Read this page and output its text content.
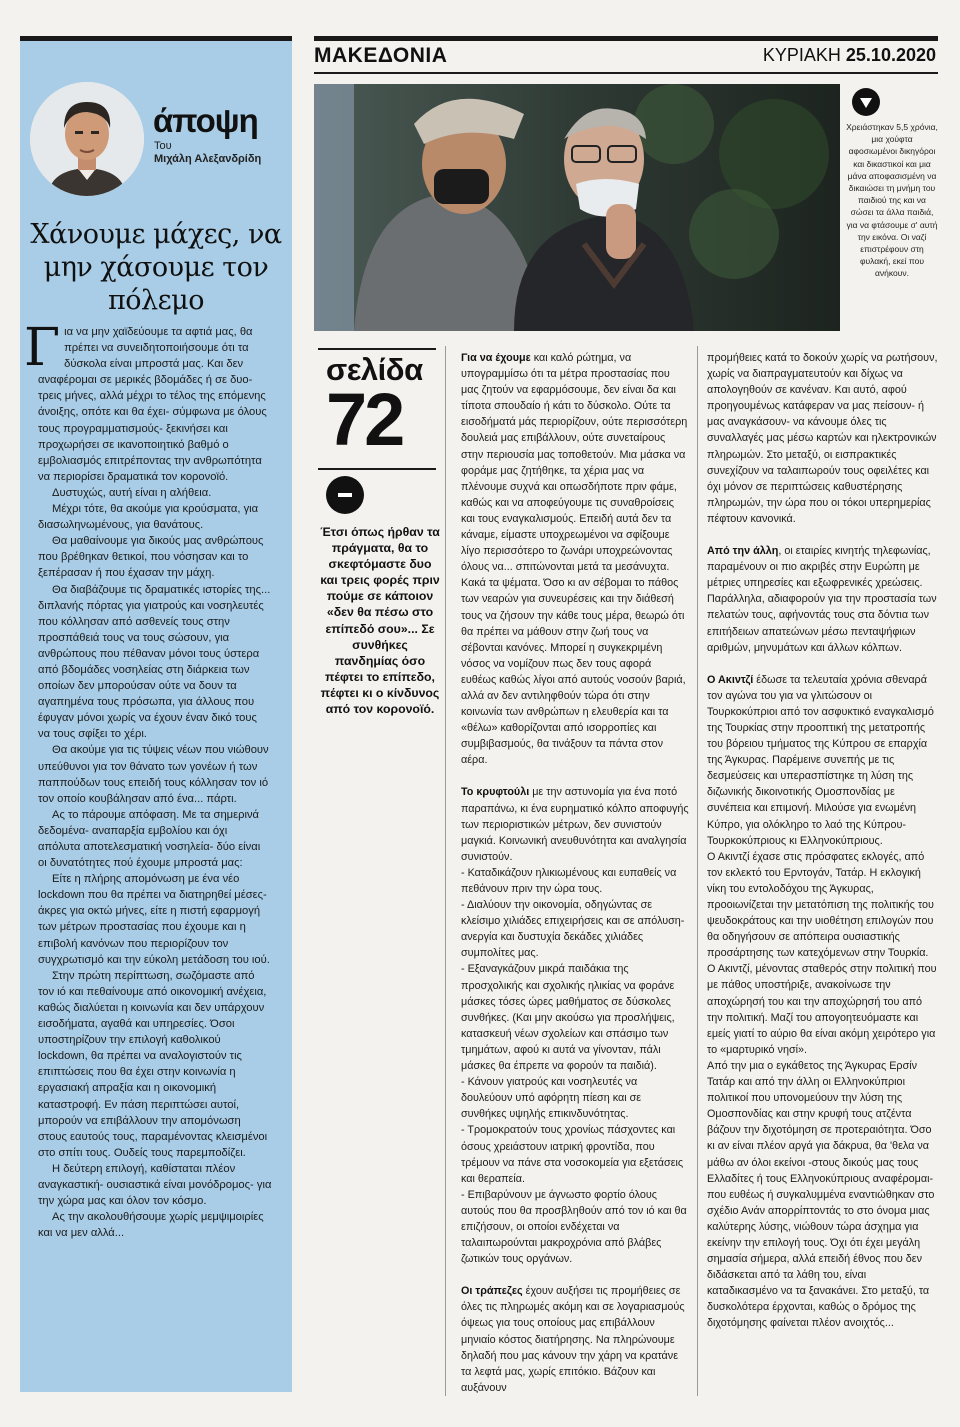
άποψη
Του
Μιχάλη Αλεξανδρίδη
Χάνουμε μάχες, να μην χάσουμε τον πόλεμο

Για να μην χαϊδεύουμε τα αφτιά μας, θα πρέπει να συνειδητοποιήσουμε ότι τα δύσκολα είναι μπροστά μας. Και δεν αναφέρομαι σε μερικές βδομάδες ή σε δυο- τρεις μήνες, αλλά μέχρι το τέλος της επόμενης άνοιξης, οπότε και θα έχει- σύμφωνα με όλους τους προγραμματισμούς- ξεκινήσει και προχωρήσει σε ικανοποιητικό βαθμό ο εμβολιασμός επιτρέποντας την ανθρωπότητα να περιορίσει δραματικά τον κορονοϊό.

Δυστυχώς, αυτή είναι η αλήθεια.

Μέχρι τότε, θα ακούμε για κρούσματα, για διασωληνωμένους, για θανάτους.

Θα μαθαίνουμε για δικούς μας ανθρώπους που βρέθηκαν θετικοί, που νόσησαν και το ξεπέρασαν ή που έχασαν την μάχη.

Θα διαβάζουμε τις δραματικές ιστορίες της... διπλανής πόρτας για γιατρούς και νοσηλευτές που κόλλησαν από ασθενείς τους στην προσπάθειά τους να τους σώσουν, για ανθρώπους που πέθαναν μόνοι τους ύστερα από βδομάδες νοσηλείας στη διάρκεια των οποίων δεν μπορούσαν ούτε να δουν τα αγαπημένα τους πρόσωπα, για άλλους που έφυγαν μόνοι χωρίς να έχουν έναν δικό τους να τους σφίξει το χέρι.

Θα ακούμε για τις τύψεις νέων που νιώθουν υπεύθυνοι για τον θάνατο των γονέων ή των παππούδων τους επειδή τους κόλλησαν τον ιό τον οποίο κουβάλησαν από ένα... πάρτι.

Ας το πάρουμε απόφαση. Με τα σημερινά δεδομένα- αναπαρξία εμβολίου και όχι απόλυτα αποτελεσματική νοσηλεία- δύο είναι οι δυνατότητες πού έχουμε μπροστά μας:

Είτε η πλήρης απομόνωση με ένα νέο lockdown που θα πρέπει να διατηρηθεί μέσες- άκρες για οκτώ μήνες, είτε η πιστή εφαρμογή των μέτρων προστασίας που έχουμε και η επιβολή κανόνων που περιορίζουν τον συγχρωτισμό και την εύκολη μετάδοση του ιού.

Στην πρώτη περίπτωση, σωζόμαστε από τον ιό και πεθαίνουμε από οικονομική ανέχεια, καθώς διαλύεται η κοινωνία και δεν υπάρχουν εισοδήματα, αγαθά και υπηρεσίες. Όσοι υποστηρίζουν την επιλογή καθολικού lockdown, θα πρέπει να αναλογιστούν τις επιπτώσεις που θα έχει στην κοινωνία η εργασιακή απραξία και η οικονομική καταστροφή. Εν πάση περιπτώσει αυτοί, μπορούν να επιβάλλουν την απομόνωση στους εαυτούς τους, παραμένοντας κλεισμένοι στο σπίτι τους. Ουδείς τους παρεμποδίζει.

Η δεύτερη επιλογή, καθίσταται πλέον αναγκαστική- ουσιαστικά είναι μονόδρομος- για την χώρα μας και όλον τον κόσμο.

Ας την ακολουθήσουμε χωρίς μεμψιμοιρίες και να μεν αλλά...

ΜΑΚΕΔΟΝΙΑ	ΚΥΡΙΑΚΗ 25.10.2020
Χρειάστηκαν 5,5 χρόνια, μια χούφτα αφοσιωμένοι δικηγόροι και δικαστικοί και μια μάνα αποφασισμένη να δικαιώσει τη μνήμη του παιδιού της και να σώσει τα άλλα παιδιά, για να φτάσουμε σ' αυτή την εικόνα. Οι ναζί επιστρέφουν στη φυλακή, εκεί που ανήκουν.
σελίδα
72
Έτσι όπως ήρθαν τα πράγματα, θα το σκεφτόμαστε δυο και τρεις φορές πριν πούμε σε κάποιον «δεν θα πέσω στο επίπεδό σου»... Σε συνθήκες πανδημίας όσο πέφτει το επίπεδο, πέφτει κι ο κίνδυνος από τον κορονοϊό.

Για να έχουμε και καλό ρώτημα, να υπογραμμίσω ότι τα μέτρα προστασίας που μας ζητούν να εφαρμόσουμε, δεν είναι δα και τίποτα σπουδαίο ή κάτι το δύσκολο. Ούτε τα εισοδήματά μάς περιορίζουν, ούτε περισσότερη δουλειά μας επιβάλλουν, ούτε συνεταίρους στην περιουσία μας τοποθετούν. Μια μάσκα να φοράμε μας ζητήθηκε, τα χέρια μας να πλένουμε συχνά και οπωσδήποτε πριν φάμε, καθώς και να αποφεύγουμε τις συναθροίσεις και τους εναγκαλισμούς. Επειδή αυτά δεν τα κάναμε, είμαστε υποχρεωμένοι να σφίξουμε λίγο περισσότερο το ζωνάρι υποχρεώνοντας όλους να... σπιτώνονται μετά τα μεσάνυχτα. Κακά τα ψέματα. Όσο κι αν σέβομαι το πάθος των νεαρών για συνευρέσεις και την διάθεσή τους να ζήσουν την κάθε τους μέρα, θεωρώ ότι θα πρέπει να μάθουν στην ζωή τους να σέβονται κανόνες. Μπορεί η συγκεκριμένη νόσος να νομίζουν πως δεν τους αφορά ευθέως καθώς λίγοι από αυτούς νοσούν βαριά, αλλά αν δεν αντιληφθούν τώρα ότι στην κοινωνία των ανθρώπων η ελευθερία και τα «θέλω» καθορίζονται από ισορροπίες και συμβιβασμούς, θα τινάξουν τα πάντα στον αέρα.

Το κρυφτούλι με την αστυνομία για ένα ποτό παραπάνω, κι ένα ευρηματικό κόλπο αποφυγής των περιοριστικών μέτρων, δεν συνιστούν μαγκιά. Κοινωνική ανευθυνότητα και αναλγησία συνιστούν.

- Καταδικάζουν ηλικιωμένους και ευπαθείς να πεθάνουν πριν την ώρα τους.

- Διαλύουν την οικονομία, οδηγώντας σε κλείσιμο χιλιάδες επιχειρήσεις και σε απόλυση- ανεργία και δυστυχία δεκάδες χιλιάδες συμπολίτες μας.

- Εξαναγκάζουν μικρά παιδάκια της προσχολικής και σχολικής ηλικίας να φοράνε μάσκες τόσες ώρες μαθήματος σε δύσκολες συνθήκες. (Και μην ακούσω για προσλήψεις, κατασκευή νέων σχολείων και σπάσιμο των τμημάτων, αφού κι αυτά να γίνονταν, πάλι μάσκες θα έπρεπε να φορούν τα παιδιά).

- Κάνουν γιατρούς και νοσηλευτές να δουλεύουν υπό αφόρητη πίεση και σε συνθήκες υψηλής επικινδυνότητας.

- Τρομοκρατούν τους χρονίως πάσχοντες και όσους χρειάστουν ιατρική φροντίδα, που τρέμουν να πάνε στα νοσοκομεία για εξετάσεις και θεραπεία.

- Επιβαρύνουν με άγνωστο φορτίο όλους αυτούς που θα προσβληθούν από τον ιό και θα επιζήσουν, οι οποίοι ενδέχεται να ταλαιπωρούνται μακροχρόνια από βλάβες ζωτικών τους οργάνων.

Οι τράπεζες έχουν αυξήσει τις προμήθειες σε όλες τις πληρωμές ακόμη και σε λογαριασμούς όψεως για τους οποίους μας επιβάλλουν μηνιαίο κόστος διατήρησης. Να πληρώνουμε δηλαδή που μας κάνουν την χάρη να κρατάνε τα λεφτά μας, χωρίς επιτόκιο. Βάζουν και αυξάνουν

προμήθειες κατά το δοκούν χωρίς να ρωτήσουν, χωρίς να διαπραγματευτούν και δίχως να απολογηθούν σε κανέναν. Και αυτό, αφού προηγουμένως κατάφεραν να μας πείσουν- ή μας αναγκάσουν- να κάνουμε όλες τις συναλλαγές μας μέσω καρτών και ηλεκτρονικών πληρωμών. Στο μεταξύ, οι εισπρακτικές συνεχίζουν να ταλαιπωρούν τους οφειλέτες και όχι μόνον σε περιπτώσεις καθυστέρησης πληρωμών, την ώρα που οι τόκοι υπερημερίας πέφτουν κανονικά.

Από την άλλη, οι εταιρίες κινητής τηλεφωνίας, παραμένουν οι πιο ακριβές στην Ευρώπη με μέτριες υπηρεσίες και εξωφρενικές χρεώσεις. Παράλληλα, αδιαφορούν για την προστασία των πελατών τους, αφήνοντάς τους στα δόντια των επιτήδειων απατεώνων μέσω πενταψήφιων αριθμών, μηνυμάτων και άλλων κόλπων.

Ο Ακιντζί έδωσε τα τελευταία χρόνια σθεναρά τον αγώνα του για να γλιτώσουν οι Τουρκοκύπριοι από τον ασφυκτικό εναγκαλισμό της Τουρκίας στην προοπτική της μετατροπής του βόρειου τμήματος της Κύπρου σε επαρχία της Άγκυρας. Παρέμεινε συνεπής με τις δεσμεύσεις και υπερασπίστηκε τη λύση της διζωνικής δικοινοτικής Ομοσπονδίας με συνέπεια και επιμονή. Μιλούσε για ενωμένη Κύπρο, για ολόκληρο το λαό της Κύπρου- Τουρκοκύπριους κι Ελληνοκύπριους.

Ο Ακιντζί έχασε στις πρόσφατες εκλογές, από τον εκλεκτό του Ερντογάν, Τατάρ. Η εκλογική νίκη του εντολοδόχου της Άγκυρας, προοιωνίζεται την μετατόπιση της πολιτικής του ψευδοκράτους και την υιοθέτηση επιλογών που θα οδηγήσουν σε απόπειρα ουσιαστικής προσάρτησης των κατεχόμενων στην Τουρκία.

Ο Ακιντζί, μένοντας σταθερός στην πολιτική που με πάθος υποστήριξε, ανακοίνωσε την αποχώρησή του και την αποχώρησή του από την πολιτική. Μαζί του απογοητευόμαστε και εμείς γιατί το αύριο θα είναι ακόμη χειρότερο για το «μαρτυρικό νησί».

Από την μια ο εγκάθετος της Άγκυρας Ερσίν Τατάρ και από την άλλη οι Ελληνοκύπριοι πολιτικοί που υπονομεύουν την λύση της Ομοσπονδίας και στην κρυφή τους ατζέντα βάζουν την διχοτόμηση σε προτεραιότητα. Όσο κι αν είναι πλέον αργά για δάκρυα, θα 'θελα να μάθω αν όλοι εκείνοι -στους δικούς μας τους Ελλαδίτες ή τους Ελληνοκύπριους αναφέρομαι- που ευθέως ή συγκαλυμμένα εναντιώθηκαν στο σχέδιο Ανάν απορρίπτοντάς το στο όνομα μιας καλύτερης λύσης, νιώθουν τώρα άσχημα για εκείνην την επιλογή τους. Όχι ότι έχει μεγάλη σημασία σήμερα, αλλά επειδή έθνος που δεν διδάσκεται από τα λάθη του, είναι καταδικασμένο να τα ξανακάνει. Στο μεταξύ, τα δυσκολότερα έρχονται, καθώς ο δρόμος της διχοτόμησης φαίνεται πλέον ανοιχτός...
